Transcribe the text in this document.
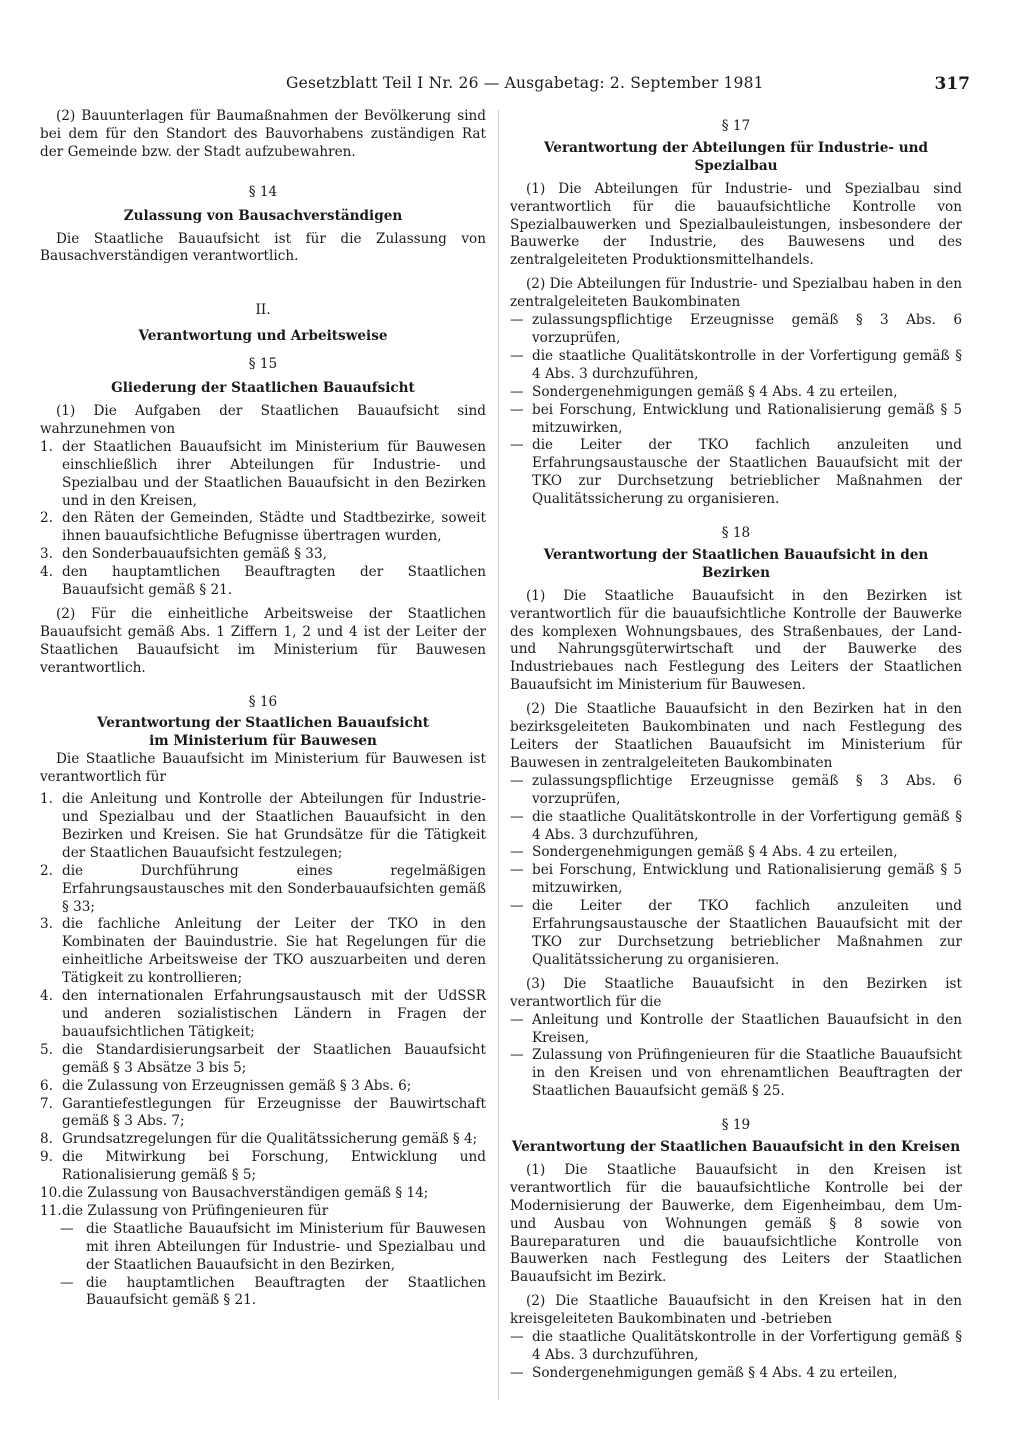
Gesetzblatt Teil I Nr. 26 — Ausgabetag: 2. September 1981	317

(2) Bauunterlagen für Baumaßnahmen der Bevölkerung sind bei dem für den Standort des Bauvorhabens zuständigen Rat der Gemeinde bzw. der Stadt aufzubewahren.

§ 14
Zulassung von Bausachverständigen

Die Staatliche Bauaufsicht ist für die Zulassung von Bausachverständigen verantwortlich.

II.
Verantwortung und Arbeitsweise
§ 15
Gliederung der Staatlichen Bauaufsicht

(1) Die Aufgaben der Staatlichen Bauaufsicht sind wahrzunehmen von

1. der Staatlichen Bauaufsicht im Ministerium für Bauwesen einschließlich ihrer Abteilungen für Industrie- und Spezialbau und der Staatlichen Bauaufsicht in den Bezirken und in den Kreisen,
2. den Räten der Gemeinden, Städte und Stadtbezirke, soweit ihnen bauaufsichtliche Befugnisse übertragen wurden,
3. den Sonderbauaufsichten gemäß § 33,
4. den hauptamtlichen Beauftragten der Staatlichen Bauaufsicht gemäß § 21.

(2) Für die einheitliche Arbeitsweise der Staatlichen Bauaufsicht gemäß Abs. 1 Ziffern 1, 2 und 4 ist der Leiter der Staatlichen Bauaufsicht im Ministerium für Bauwesen verantwortlich.

§ 16
Verantwortung der Staatlichen Bauaufsicht
im Ministerium für Bauwesen

Die Staatliche Bauaufsicht im Ministerium für Bauwesen ist verantwortlich für

1. die Anleitung und Kontrolle der Abteilungen für Industrie- und Spezialbau und der Staatlichen Bauaufsicht in den Bezirken und Kreisen. Sie hat Grundsätze für die Tätigkeit der Staatlichen Bauaufsicht festzulegen;
2. die Durchführung eines regelmäßigen Erfahrungsaustausches mit den Sonderbauaufsichten gemäß § 33;
3. die fachliche Anleitung der Leiter der TKO in den Kombinaten der Bauindustrie. Sie hat Regelungen für die einheitliche Arbeitsweise der TKO auszuarbeiten und deren Tätigkeit zu kontrollieren;
4. den internationalen Erfahrungsaustausch mit der UdSSR und anderen sozialistischen Ländern in Fragen der bauaufsichtlichen Tätigkeit;
5. die Standardisierungsarbeit der Staatlichen Bauaufsicht gemäß § 3 Absätze 3 bis 5;
6. die Zulassung von Erzeugnissen gemäß § 3 Abs. 6;
7. Garantiefestlegungen für Erzeugnisse der Bauwirtschaft gemäß § 3 Abs. 7;
8. Grundsatzregelungen für die Qualitätssicherung gemäß § 4;
9. die Mitwirkung bei Forschung, Entwicklung und Rationalisierung gemäß § 5;
10. die Zulassung von Bausachverständigen gemäß § 14;
11. die Zulassung von Prüfingenieuren für
— die Staatliche Bauaufsicht im Ministerium für Bauwesen mit ihren Abteilungen für Industrie- und Spezialbau und der Staatlichen Bauaufsicht in den Bezirken,
— die hauptamtlichen Beauftragten der Staatlichen Bauaufsicht gemäß § 21.
§ 17
Verantwortung der Abteilungen für Industrie- und Spezialbau

(1) Die Abteilungen für Industrie- und Spezialbau sind verantwortlich für die bauaufsichtliche Kontrolle von Spezialbauwerken und Spezialbauleistungen, insbesondere der Bauwerke der Industrie, des Bauwesens und des zentralgeleiteten Produktionsmittelhandels.

(2) Die Abteilungen für Industrie- und Spezialbau haben in den zentralgeleiteten Baukombinaten

— zulassungspflichtige Erzeugnisse gemäß § 3 Abs. 6 vorzuprüfen,
— die staatliche Qualitätskontrolle in der Vorfertigung gemäß § 4 Abs. 3 durchzuführen,
— Sondergenehmigungen gemäß § 4 Abs. 4 zu erteilen,
— bei Forschung, Entwicklung und Rationalisierung gemäß § 5 mitzuwirken,
— die Leiter der TKO fachlich anzuleiten und Erfahrungsaustausche der Staatlichen Bauaufsicht mit der TKO zur Durchsetzung betrieblicher Maßnahmen der Qualitätssicherung zu organisieren.
§ 18
Verantwortung der Staatlichen Bauaufsicht in den Bezirken

(1) Die Staatliche Bauaufsicht in den Bezirken ist verantwortlich für die bauaufsichtliche Kontrolle der Bauwerke des komplexen Wohnungsbaues, des Straßenbaues, der Land- und Nahrungsgüterwirtschaft und der Bauwerke des Industriebaues nach Festlegung des Leiters der Staatlichen Bauaufsicht im Ministerium für Bauwesen.

(2) Die Staatliche Bauaufsicht in den Bezirken hat in den bezirksgeleiteten Baukombinaten und nach Festlegung des Leiters der Staatlichen Bauaufsicht im Ministerium für Bauwesen in zentralgeleiteten Baukombinaten

— zulassungspflichtige Erzeugnisse gemäß § 3 Abs. 6 vorzuprüfen,
— die staatliche Qualitätskontrolle in der Vorfertigung gemäß § 4 Abs. 3 durchzuführen,
— Sondergenehmigungen gemäß § 4 Abs. 4 zu erteilen,
— bei Forschung, Entwicklung und Rationalisierung gemäß § 5 mitzuwirken,
— die Leiter der TKO fachlich anzuleiten und Erfahrungsaustausche der Staatlichen Bauaufsicht mit der TKO zur Durchsetzung betrieblicher Maßnahmen zur Qualitätssicherung zu organisieren.

(3) Die Staatliche Bauaufsicht in den Bezirken ist verantwortlich für die

— Anleitung und Kontrolle der Staatlichen Bauaufsicht in den Kreisen,
— Zulassung von Prüfingenieuren für die Staatliche Bauaufsicht in den Kreisen und von ehrenamtlichen Beauftragten der Staatlichen Bauaufsicht gemäß § 25.
§ 19
Verantwortung der Staatlichen Bauaufsicht in den Kreisen

(1) Die Staatliche Bauaufsicht in den Kreisen ist verantwortlich für die bauaufsichtliche Kontrolle bei der Modernisierung der Bauwerke, dem Eigenheimbau, dem Um- und Ausbau von Wohnungen gemäß § 8 sowie von Baureparaturen und die bauaufsichtliche Kontrolle von Bauwerken nach Festlegung des Leiters der Staatlichen Bauaufsicht im Bezirk.

(2) Die Staatliche Bauaufsicht in den Kreisen hat in den kreisgeleiteten Baukombinaten und -betrieben

— die staatliche Qualitätskontrolle in der Vorfertigung gemäß § 4 Abs. 3 durchzuführen,
— Sondergenehmigungen gemäß § 4 Abs. 4 zu erteilen,
